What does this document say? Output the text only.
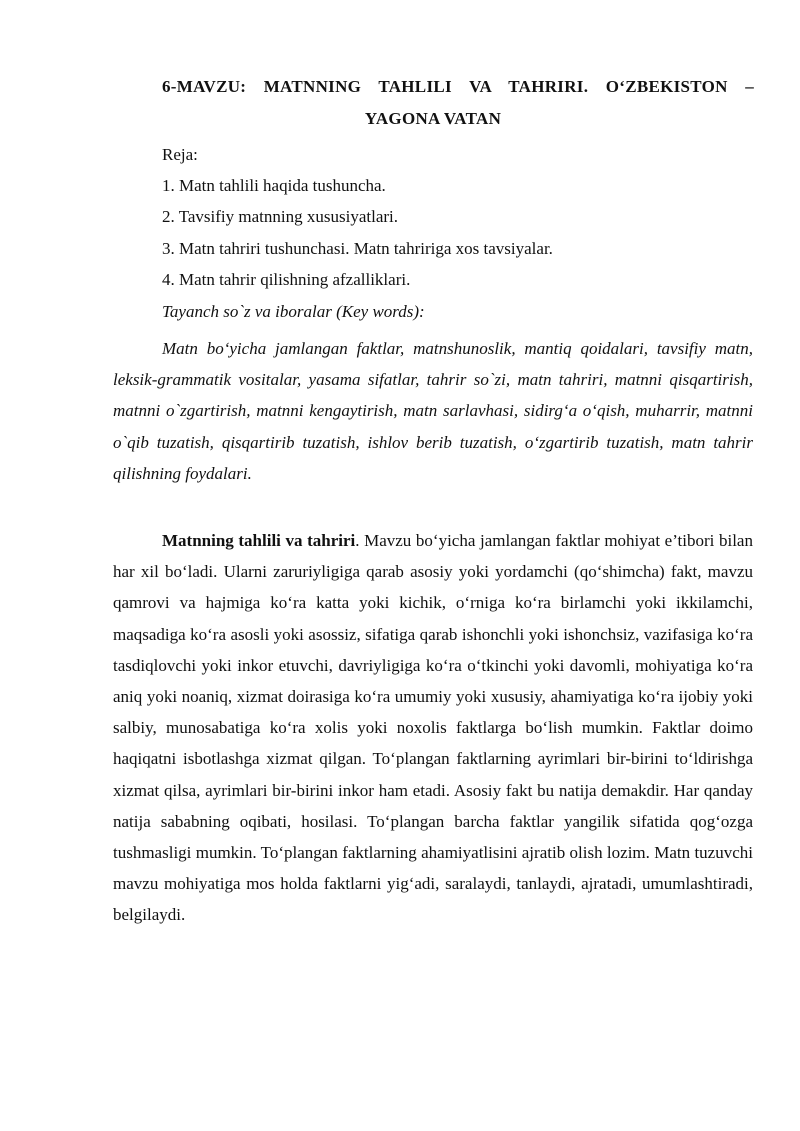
6-MAVZU: MATNNING TAHLILI VA TAHRIRI. O‘ZBEKISTON –
YAGONA VATAN
Reja:
1. Matn tahlili haqida tushuncha.
2. Tavsifiy matnning xususiyatlari.
3. Matn tahriri tushunchasi. Matn tahririga xos tavsiyalar.
4. Matn tahrir qilishning afzalliklari.
Tayanch so`z va iboralar (Key words):
Matn bo‘yicha jamlangan faktlar, matnshunoslik, mantiq qoidalari, tavsifiy matn, leksik-grammatik vositalar, yasama sifatlar, tahrir so`zi, matn tahriri, matnni qisqartirish, matnni o`zgartirish, matnni kengaytirish, matn sarlavhasi, sidirg‘a o‘qish, muharrir, matnni o`qib tuzatish, qisqartirib tuzatish, ishlov berib tuzatish, o‘zgartirib tuzatish, matn tahrir qilishning foydalari.
Matnning tahlili va tahriri. Mavzu bo‘yicha jamlangan faktlar mohiyat e’tibori bilan har xil bo‘ladi. Ularni zaruriyligiga qarab asosiy yoki yordamchi (qo‘shimcha) fakt, mavzu qamrovi va hajmiga ko‘ra katta yoki kichik, o‘rniga ko‘ra birlamchi yoki ikkilamchi, maqsadiga ko‘ra asosli yoki asossiz, sifatiga qarab ishonchli yoki ishonchsiz, vazifasiga ko‘ra tasdiqlovchi yoki inkor etuvchi, davriyligiga ko‘ra o‘tkinchi yoki davomli, mohiyatiga ko‘ra aniq yoki noaniq, xizmat doirasiga ko‘ra umumiy yoki xususiy, ahamiyatiga ko‘ra ijobiy yoki salbiy, munosabatiga ko‘ra xolis yoki noxolis faktlarga bo‘lish mumkin. Faktlar doimo haqiqatni isbotlashga xizmat qilgan. To‘plangan faktlarning ayrimlari bir-birini to‘ldirishga xizmat qilsa, ayrimlari bir-birini inkor ham etadi. Asosiy fakt bu natija demakdir. Har qanday natija sababning oqibati, hosilasi. To‘plangan barcha faktlar yangilik sifatida qog‘ozga tushmasligi mumkin. To‘plangan faktlarning ahamiyatlisini ajratib olish lozim. Matn tuzuvchi mavzu mohiyatiga mos holda faktlarni yig‘adi, saralaydi, tanlaydi, ajratadi, umumlashtiradi, belgilaydi.
